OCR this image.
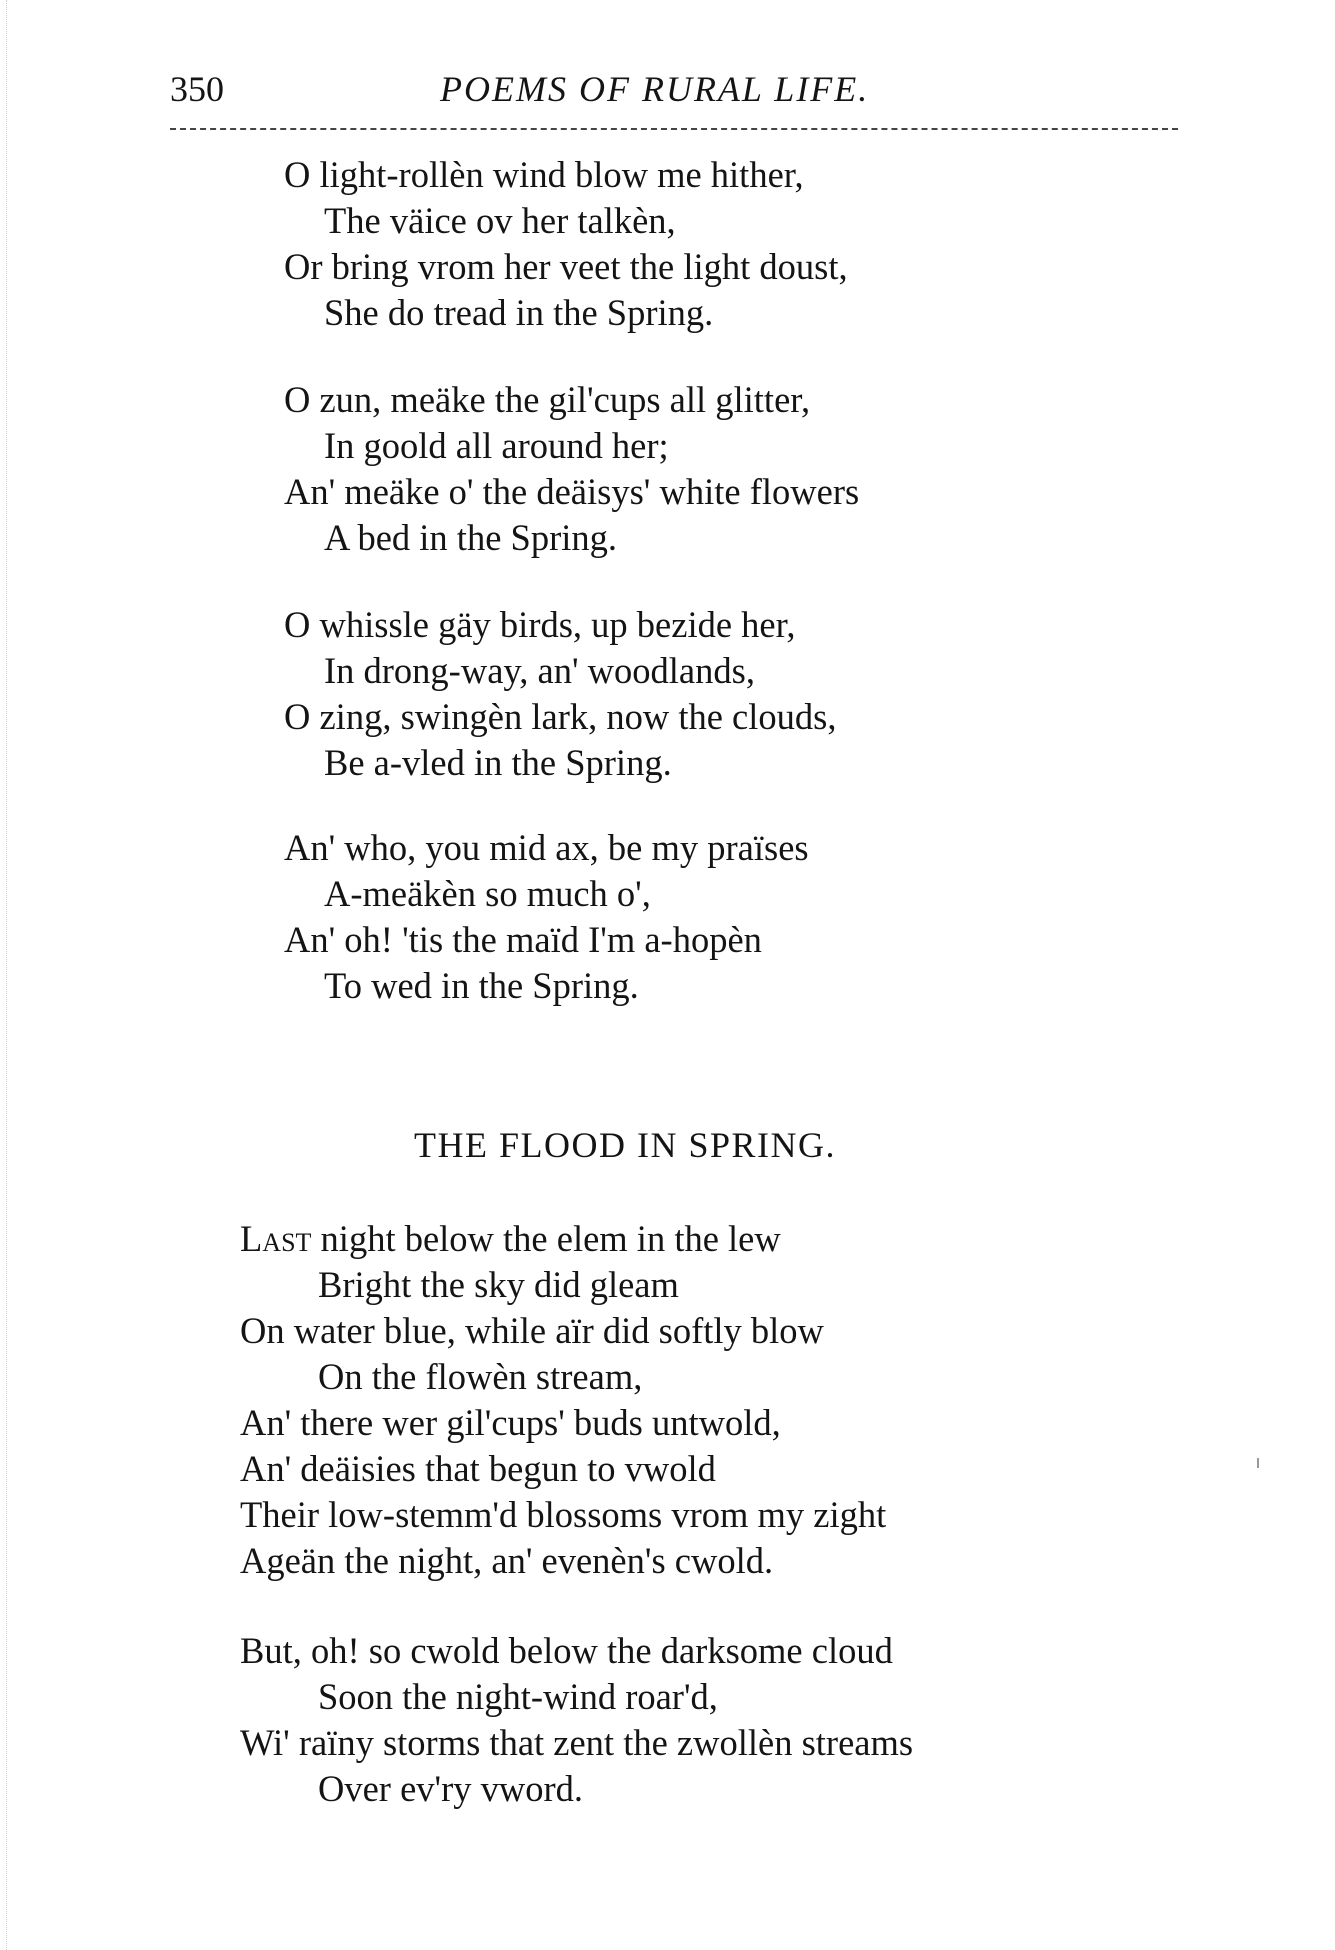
350	POEMS OF RURAL LIFE.
O light-rollèn wind blow me hither,
The väice ov her talkèn,
Or bring vrom her veet the light doust,
She do tread in the Spring.
O zun, meäke the gil'cups all glitter,
In goold all around her;
An' meäke o' the deäisys' white flowers
A bed in the Spring.
O whissle gäy birds, up bezide her,
In drong-way, an' woodlands,
O zing, swingèn lark, now the clouds,
Be a-vled in the Spring.
An' who, you mid ax, be my praïses
A-meäkèn so much o',
An' oh! 'tis the maïd I'm a-hopèn
To wed in the Spring.
THE FLOOD IN SPRING.
Last night below the elem in the lew
Bright the sky did gleam
On water blue, while aïr did softly blow
On the flowèn stream,
An' there wer gil'cups' buds untwold,
An' deäisies that begun to vwold
Their low-stemm'd blossoms vrom my zight
Ageän the night, an' evenèn's cwold.
But, oh! so cwold below the darksome cloud
Soon the night-wind roar'd,
Wi' raïny storms that zent the zwollèn streams
Over ev'ry vword.
